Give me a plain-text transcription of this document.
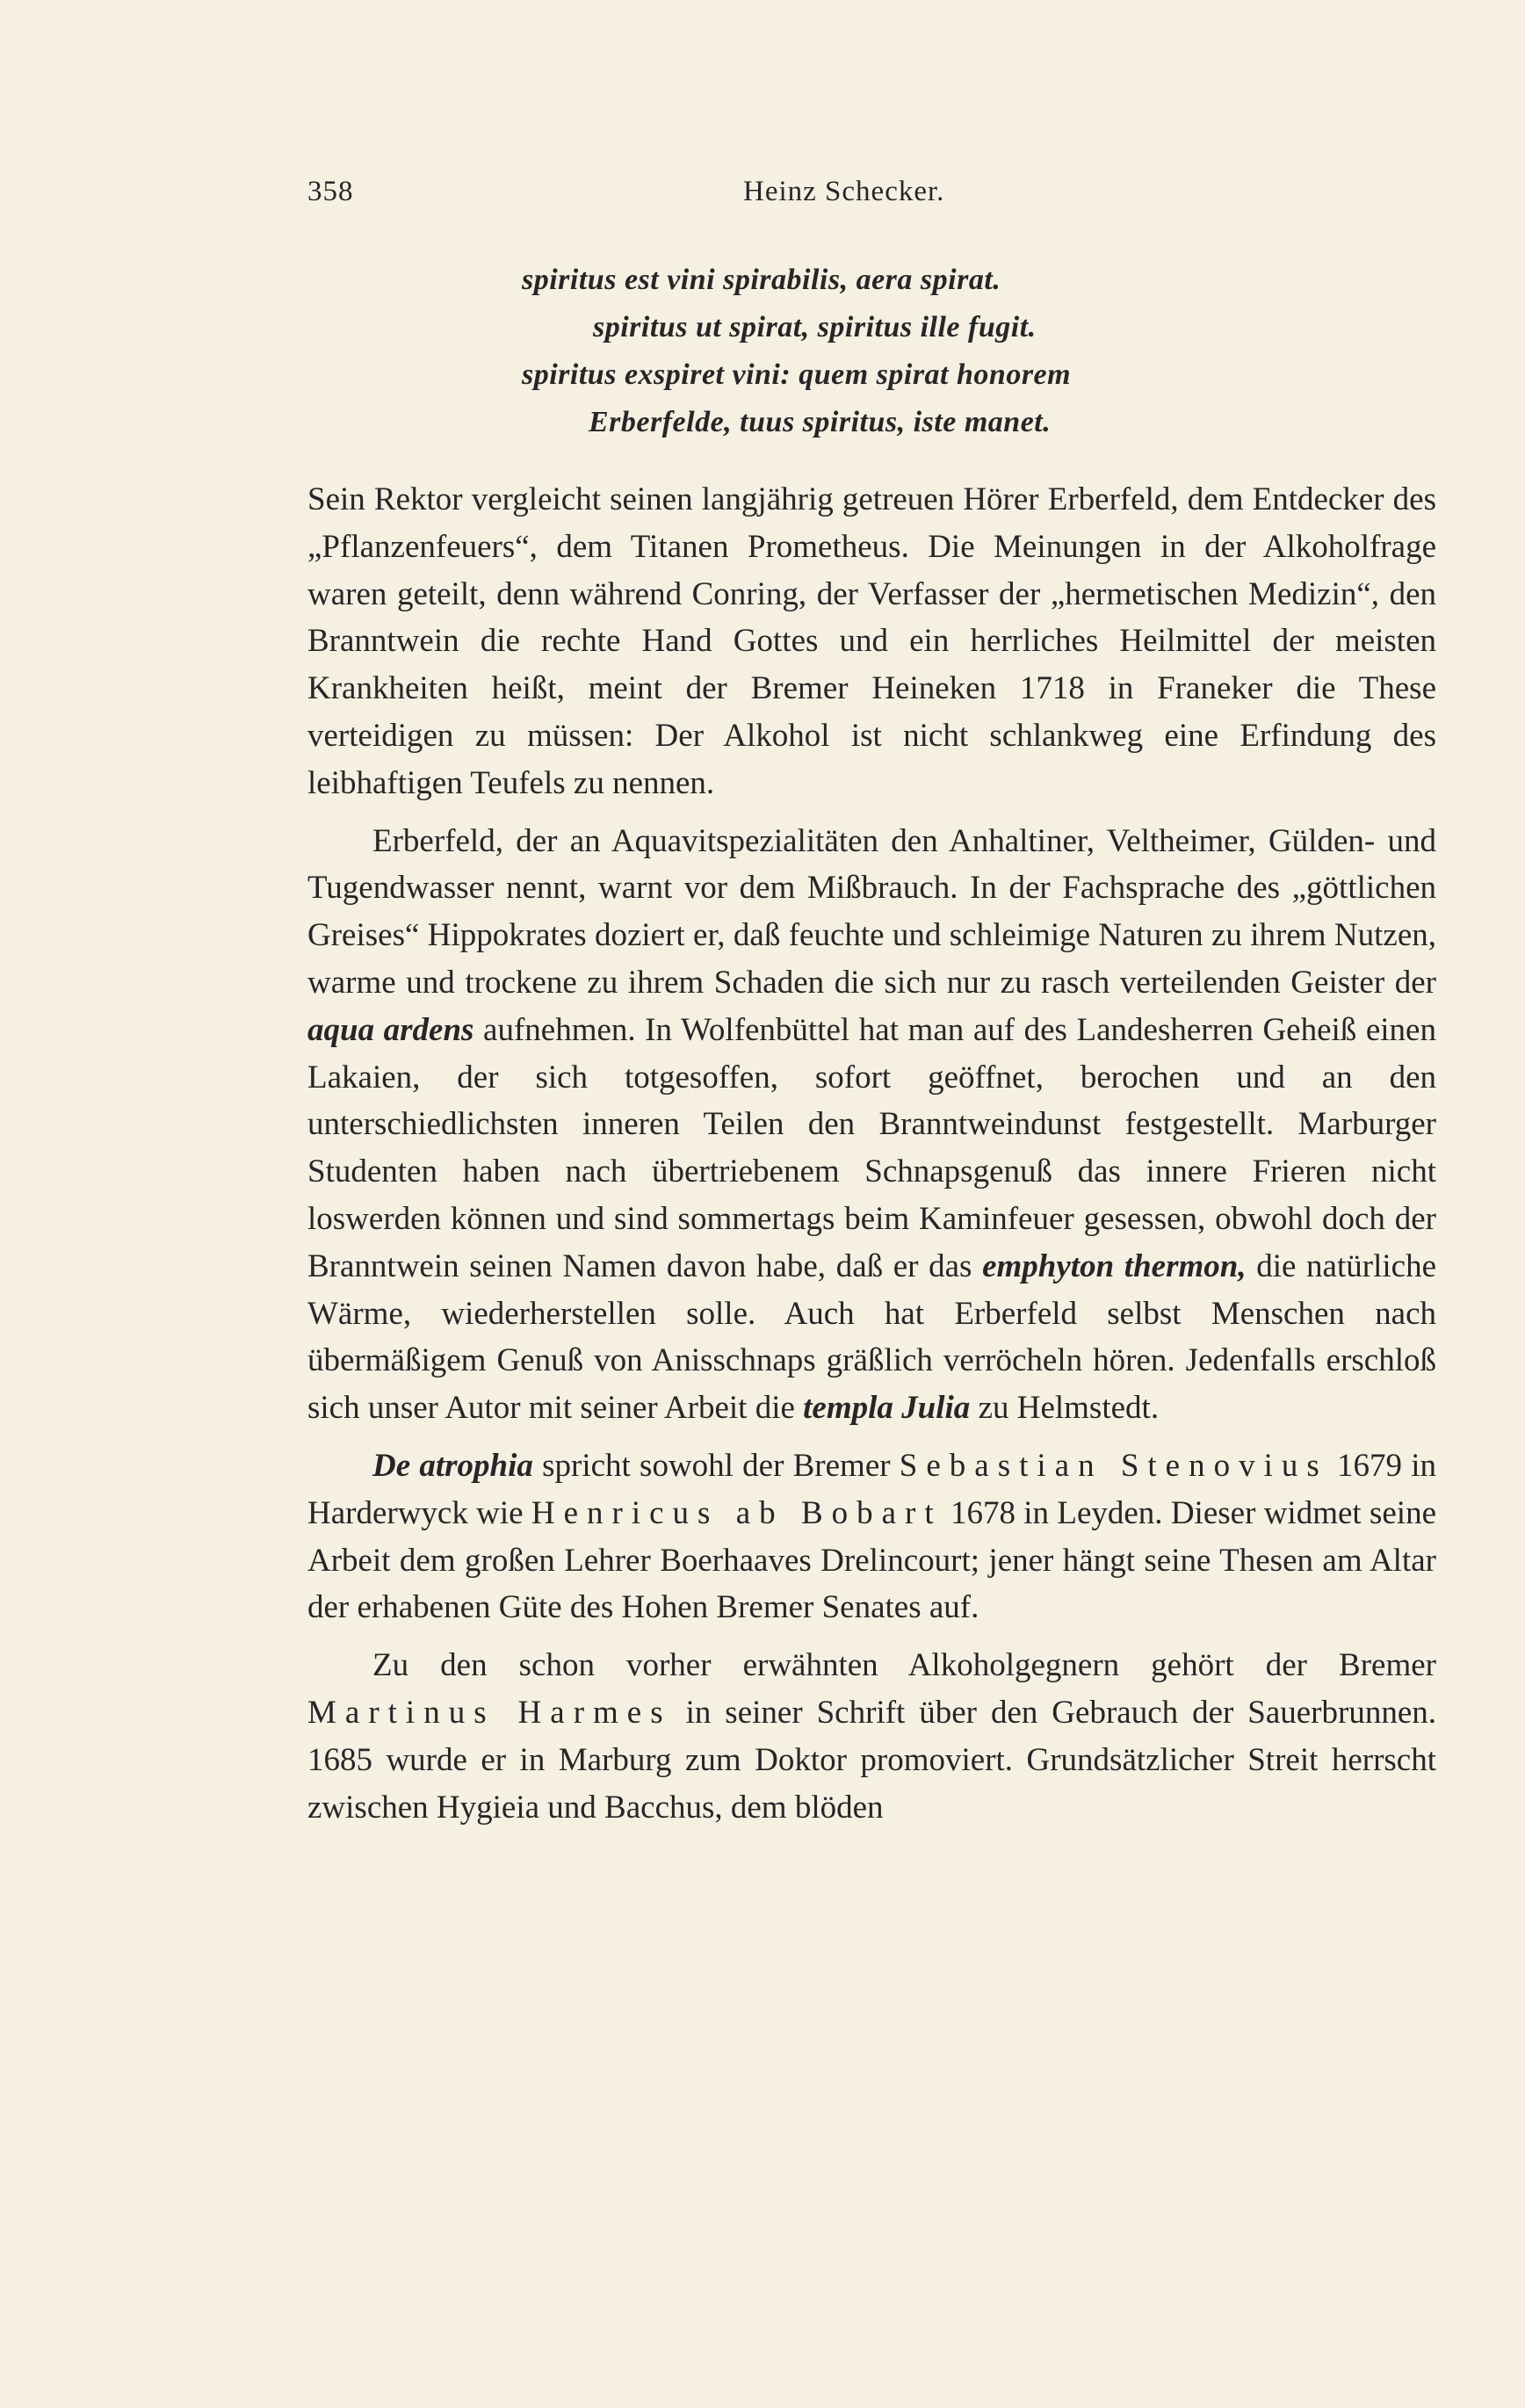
358	Heinz Schecker.
spiritus est vini spirabilis, aera spirat.
spiritus ut spirat, spiritus ille fugit.
spiritus exspiret vini: quem spirat honorem
Erberfelde, tuus spiritus, iste manet.

Sein Rektor vergleicht seinen langjährig getreuen Hörer Erberfeld, dem Entdecker des „Pflanzenfeuers“, dem Titanen Prometheus. Die Meinungen in der Alkoholfrage waren geteilt, denn während Conring, der Verfasser der „hermetischen Medizin“, den Branntwein die rechte Hand Gottes und ein herrliches Heilmittel der meisten Krankheiten heißt, meint der Bremer Heineken 1718 in Franeker die These verteidigen zu müssen: Der Alkohol ist nicht schlankweg eine Erfindung des leibhaftigen Teufels zu nennen.

Erberfeld, der an Aquavitspezialitäten den Anhaltiner, Veltheimer, Gülden- und Tugendwasser nennt, warnt vor dem Mißbrauch. In der Fachsprache des „göttlichen Greises“ Hippokrates doziert er, daß feuchte und schleimige Naturen zu ihrem Nutzen, warme und trockene zu ihrem Schaden die sich nur zu rasch verteilenden Geister der aqua ardens aufnehmen. In Wolfenbüttel hat man auf des Landesherren Geheiß einen Lakaien, der sich totgesoffen, sofort geöffnet, berochen und an den unterschiedlichsten inneren Teilen den Branntweindunst festgestellt. Marburger Studenten haben nach übertriebenem Schnapsgenuß das innere Frieren nicht loswerden können und sind sommertags beim Kaminfeuer gesessen, obwohl doch der Branntwein seinen Namen davon habe, daß er das emphyton thermon, die natürliche Wärme, wiederherstellen solle. Auch hat Erberfeld selbst Menschen nach übermäßigem Genuß von Anisschnaps gräßlich verröcheln hören. Jedenfalls erschloß sich unser Autor mit seiner Arbeit die templa Julia zu Helmstedt.

De atrophia spricht sowohl der Bremer Sebastian Stenovius 1679 in Harderwyck wie Henricus ab Bobart 1678 in Leyden. Dieser widmet seine Arbeit dem großen Lehrer Boerhaaves Drelincourt; jener hängt seine Thesen am Altar der erhabenen Güte des Hohen Bremer Senates auf.

Zu den schon vorher erwähnten Alkoholgegnern gehört der Bremer Martinus Harmes in seiner Schrift über den Gebrauch der Sauerbrunnen. 1685 wurde er in Marburg zum Doktor promoviert. Grundsätzlicher Streit herrscht zwischen Hygieia und Bacchus, dem blöden
